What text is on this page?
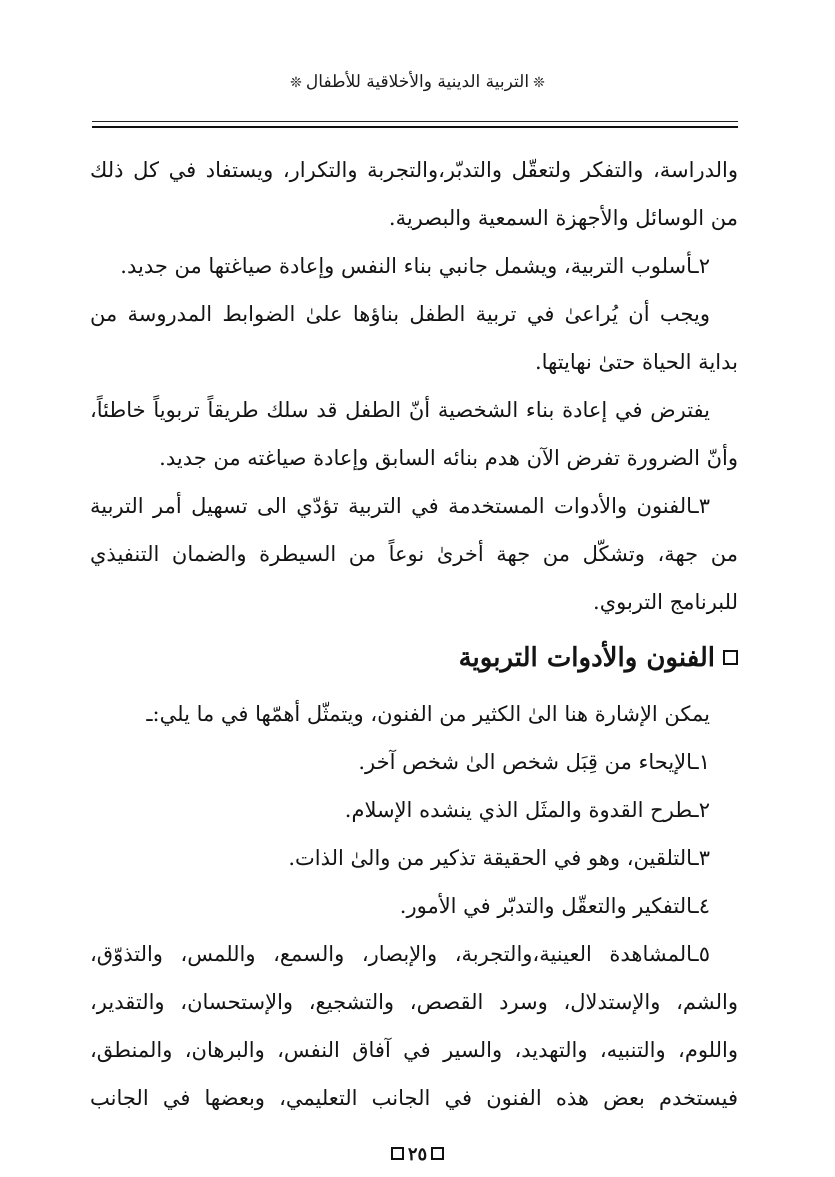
❊التربية الدينية والأخلاقية للأطفال❊
والدراسة، والتفكر ولتعقّل والتدبّر،والتجربة والتكرار، ويستفاد في كل ذلك
من الوسائل والأجهزة السمعية والبصرية.
٢ـأسلوب التربية، ويشمل جانبي بناء النفس وإعادة صياغتها من جديد.
ويجب أن يُراعىٰ في تربية الطفل بناؤها علىٰ الضوابط المدروسة من
بداية الحياة حتىٰ نهايتها.
يفترض في إعادة بناء الشخصية أنّ الطفل قد سلك طريقاً تربوياً خاطئاً،
وأنّ الضرورة تفرض الآن هدم بنائه السابق وإعادة صياغته من جديد.
٣ـالفنون والأدوات المستخدمة في التربية تؤدّي الى تسهيل أمر التربية
من جهة، وتشكّل من جهة أخرىٰ نوعاً من السيطرة والضمان التنفيذي
للبرنامج التربوي.
الفنون والأدوات التربوية
يمكن الإشارة هنا الىٰ الكثير من الفنون، ويتمثّل أهمّها في ما يلي:ـ
١ـالإيحاء من قِبَل شخص الىٰ شخص آخر.
٢ـطرح القدوة والمثَل الذي ينشده الإسلام.
٣ـالتلقين، وهو في الحقيقة تذكير من والىٰ الذات.
٤ـالتفكير والتعقّل والتدبّر في الأمور.
٥ـالمشاهدة العينية،والتجربة، والإبصار، والسمع، واللمس، والتذوّق،
والشم، والإستدلال، وسرد القصص، والتشجيع، والإستحسان، والتقدير،
واللوم، والتنبيه، والتهديد، والسير في آفاق النفس، والبرهان، والمنطق،
فيستخدم بعض هذه الفنون في الجانب التعليمي، وبعضها في الجانب
٢٥
